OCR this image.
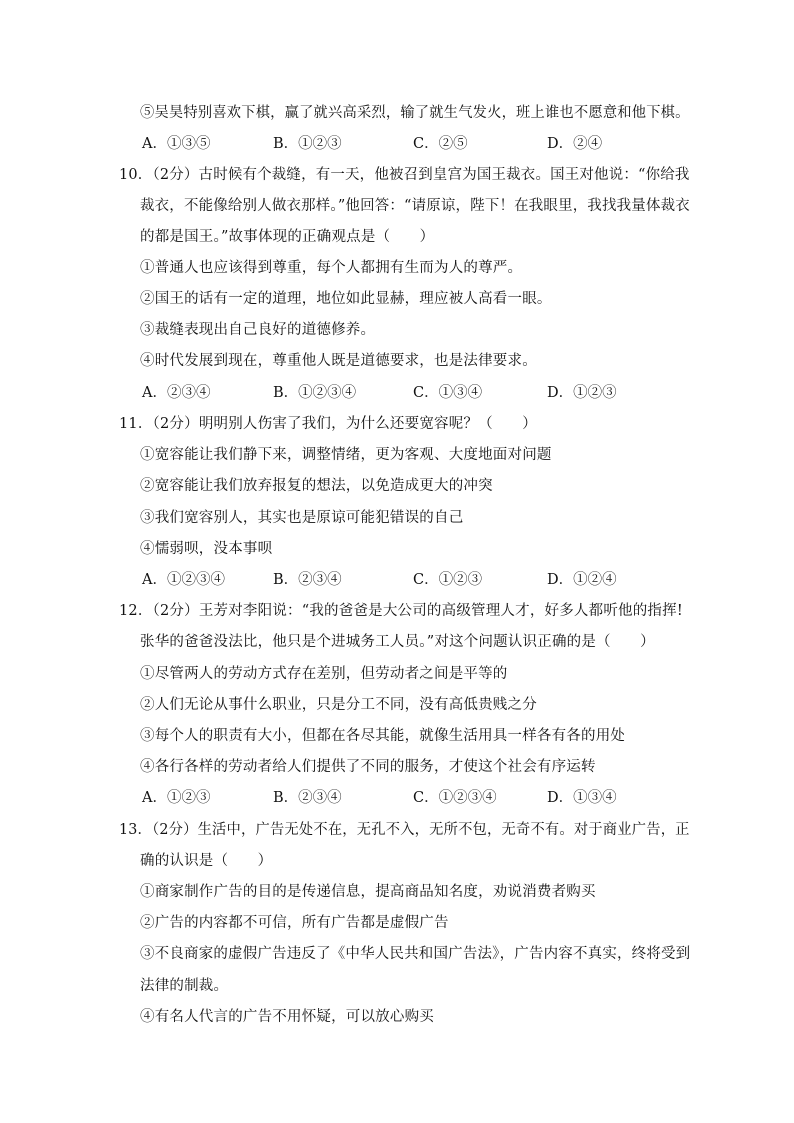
⑤吴昊特别喜欢下棋，赢了就兴高采烈，输了就生气发火，班上谁也不愿意和他下棋。
A．①③⑤	B．①②③	C．②⑤	D．②④
10．（2分）古时候有个裁缝，有一天，他被召到皇宫为国王裁衣。国王对他说：“你给我
裁衣，不能像给别人做衣那样。”他回答：“请原谅，陛下！在我眼里，我找我量体裁衣
的都是国王。”故事体现的正确观点是（　　）
①普通人也应该得到尊重，每个人都拥有生而为人的尊严。
②国王的话有一定的道理，地位如此显赫，理应被人高看一眼。
③裁缝表现出自己良好的道德修养。
④时代发展到现在，尊重他人既是道德要求，也是法律要求。
A．②③④	B．①②③④	C．①③④	D．①②③
11．（2分）明明别人伤害了我们，为什么还要宽容呢？（　　）
①宽容能让我们静下来，调整情绪，更为客观、大度地面对问题
②宽容能让我们放弃报复的想法，以免造成更大的冲突
③我们宽容别人，其实也是原谅可能犯错误的自己
④懦弱呗，没本事呗
A．①②③④	B．②③④	C．①②③	D．①②④
12．（2分）王芳对李阳说：“我的爸爸是大公司的高级管理人才，好多人都听他的指挥!
张华的爸爸没法比，他只是个进城务工人员。”对这个问题认识正确的是（　　）
①尽管两人的劳动方式存在差别，但劳动者之间是平等的
②人们无论从事什么职业，只是分工不同，没有高低贵贱之分
③每个人的职责有大小，但都在各尽其能，就像生活用具一样各有各的用处
④各行各样的劳动者给人们提供了不同的服务，才使这个社会有序运转
A．①②③	B．②③④	C．①②③④	D．①③④
13．（2分）生活中，广告无处不在，无孔不入，无所不包，无奇不有。对于商业广告，正
确的认识是（　　）
①商家制作广告的目的是传递信息，提高商品知名度，劝说消费者购买
②广告的内容都不可信，所有广告都是虚假广告
③不良商家的虚假广告违反了《中华人民共和国广告法》，广告内容不真实，终将受到
法律的制裁。
④有名人代言的广告不用怀疑，可以放心购买
